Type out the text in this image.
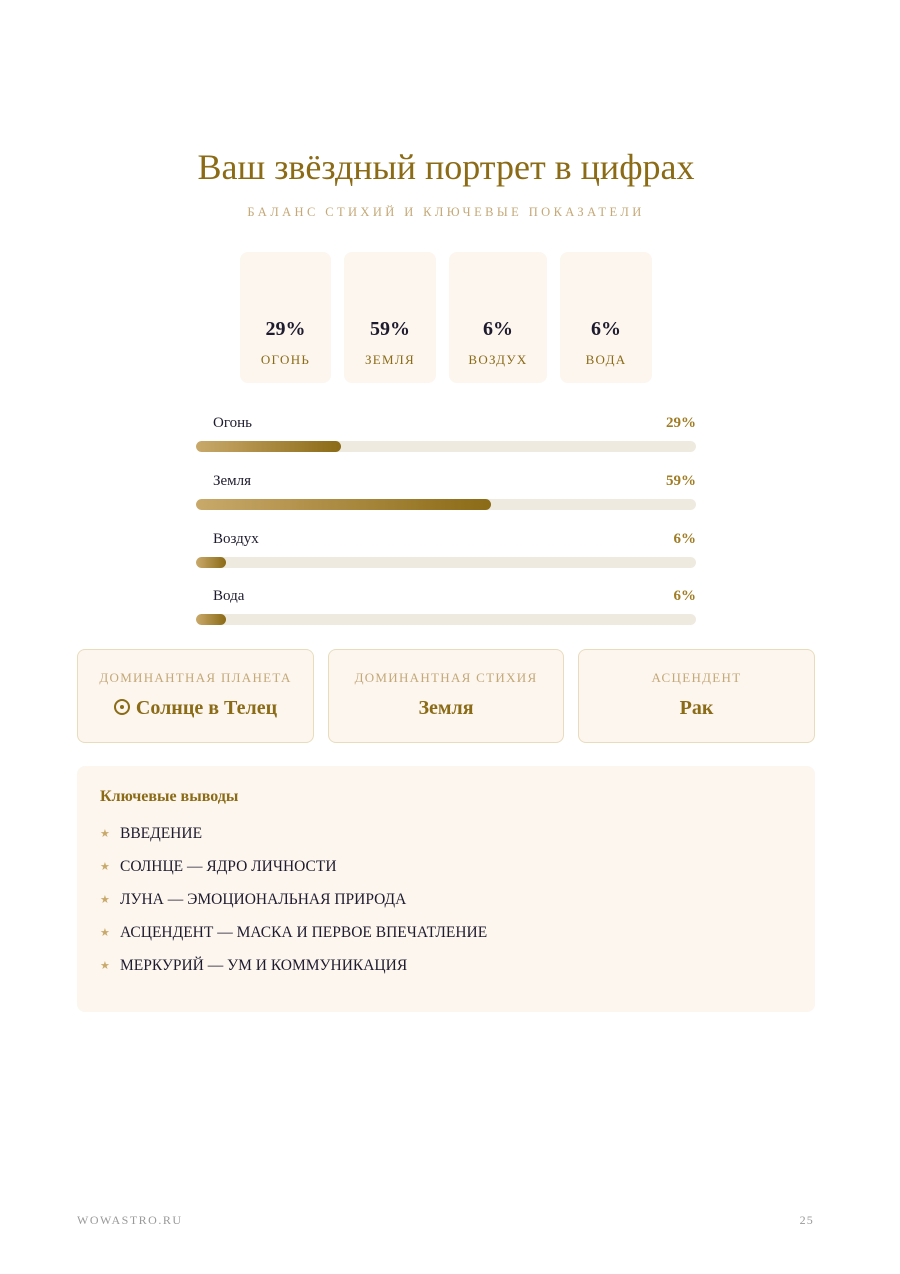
Ваш звёздный портрет в цифрах
БАЛАНС СТИХИЙ И КЛЮЧЕВЫЕ ПОКАЗАТЕЛИ
29%
ОГОНЬ
59%
ЗЕМЛЯ
6%
ВОЗДУХ
6%
ВОДА
Огонь	29%
Земля	59%
Воздух	6%
Вода	6%
ДОМИНАНТНАЯ ПЛАНЕТА
Солнце в Телец
ДОМИНАНТНАЯ СТИХИЯ
Земля
АСЦЕНДЕНТ
Рак
Ключевые выводы
★ ВВЕДЕНИЕ
★ СОЛНЦЕ — ЯДРО ЛИЧНОСТИ
★ ЛУНА — ЭМОЦИОНАЛЬНАЯ ПРИРОДА
★ АСЦЕНДЕНТ — МАСКА И ПЕРВОЕ ВПЕЧАТЛЕНИЕ
★ МЕРКУРИЙ — УМ И КОММУНИКАЦИЯ
WOWASTRO.RU	25
